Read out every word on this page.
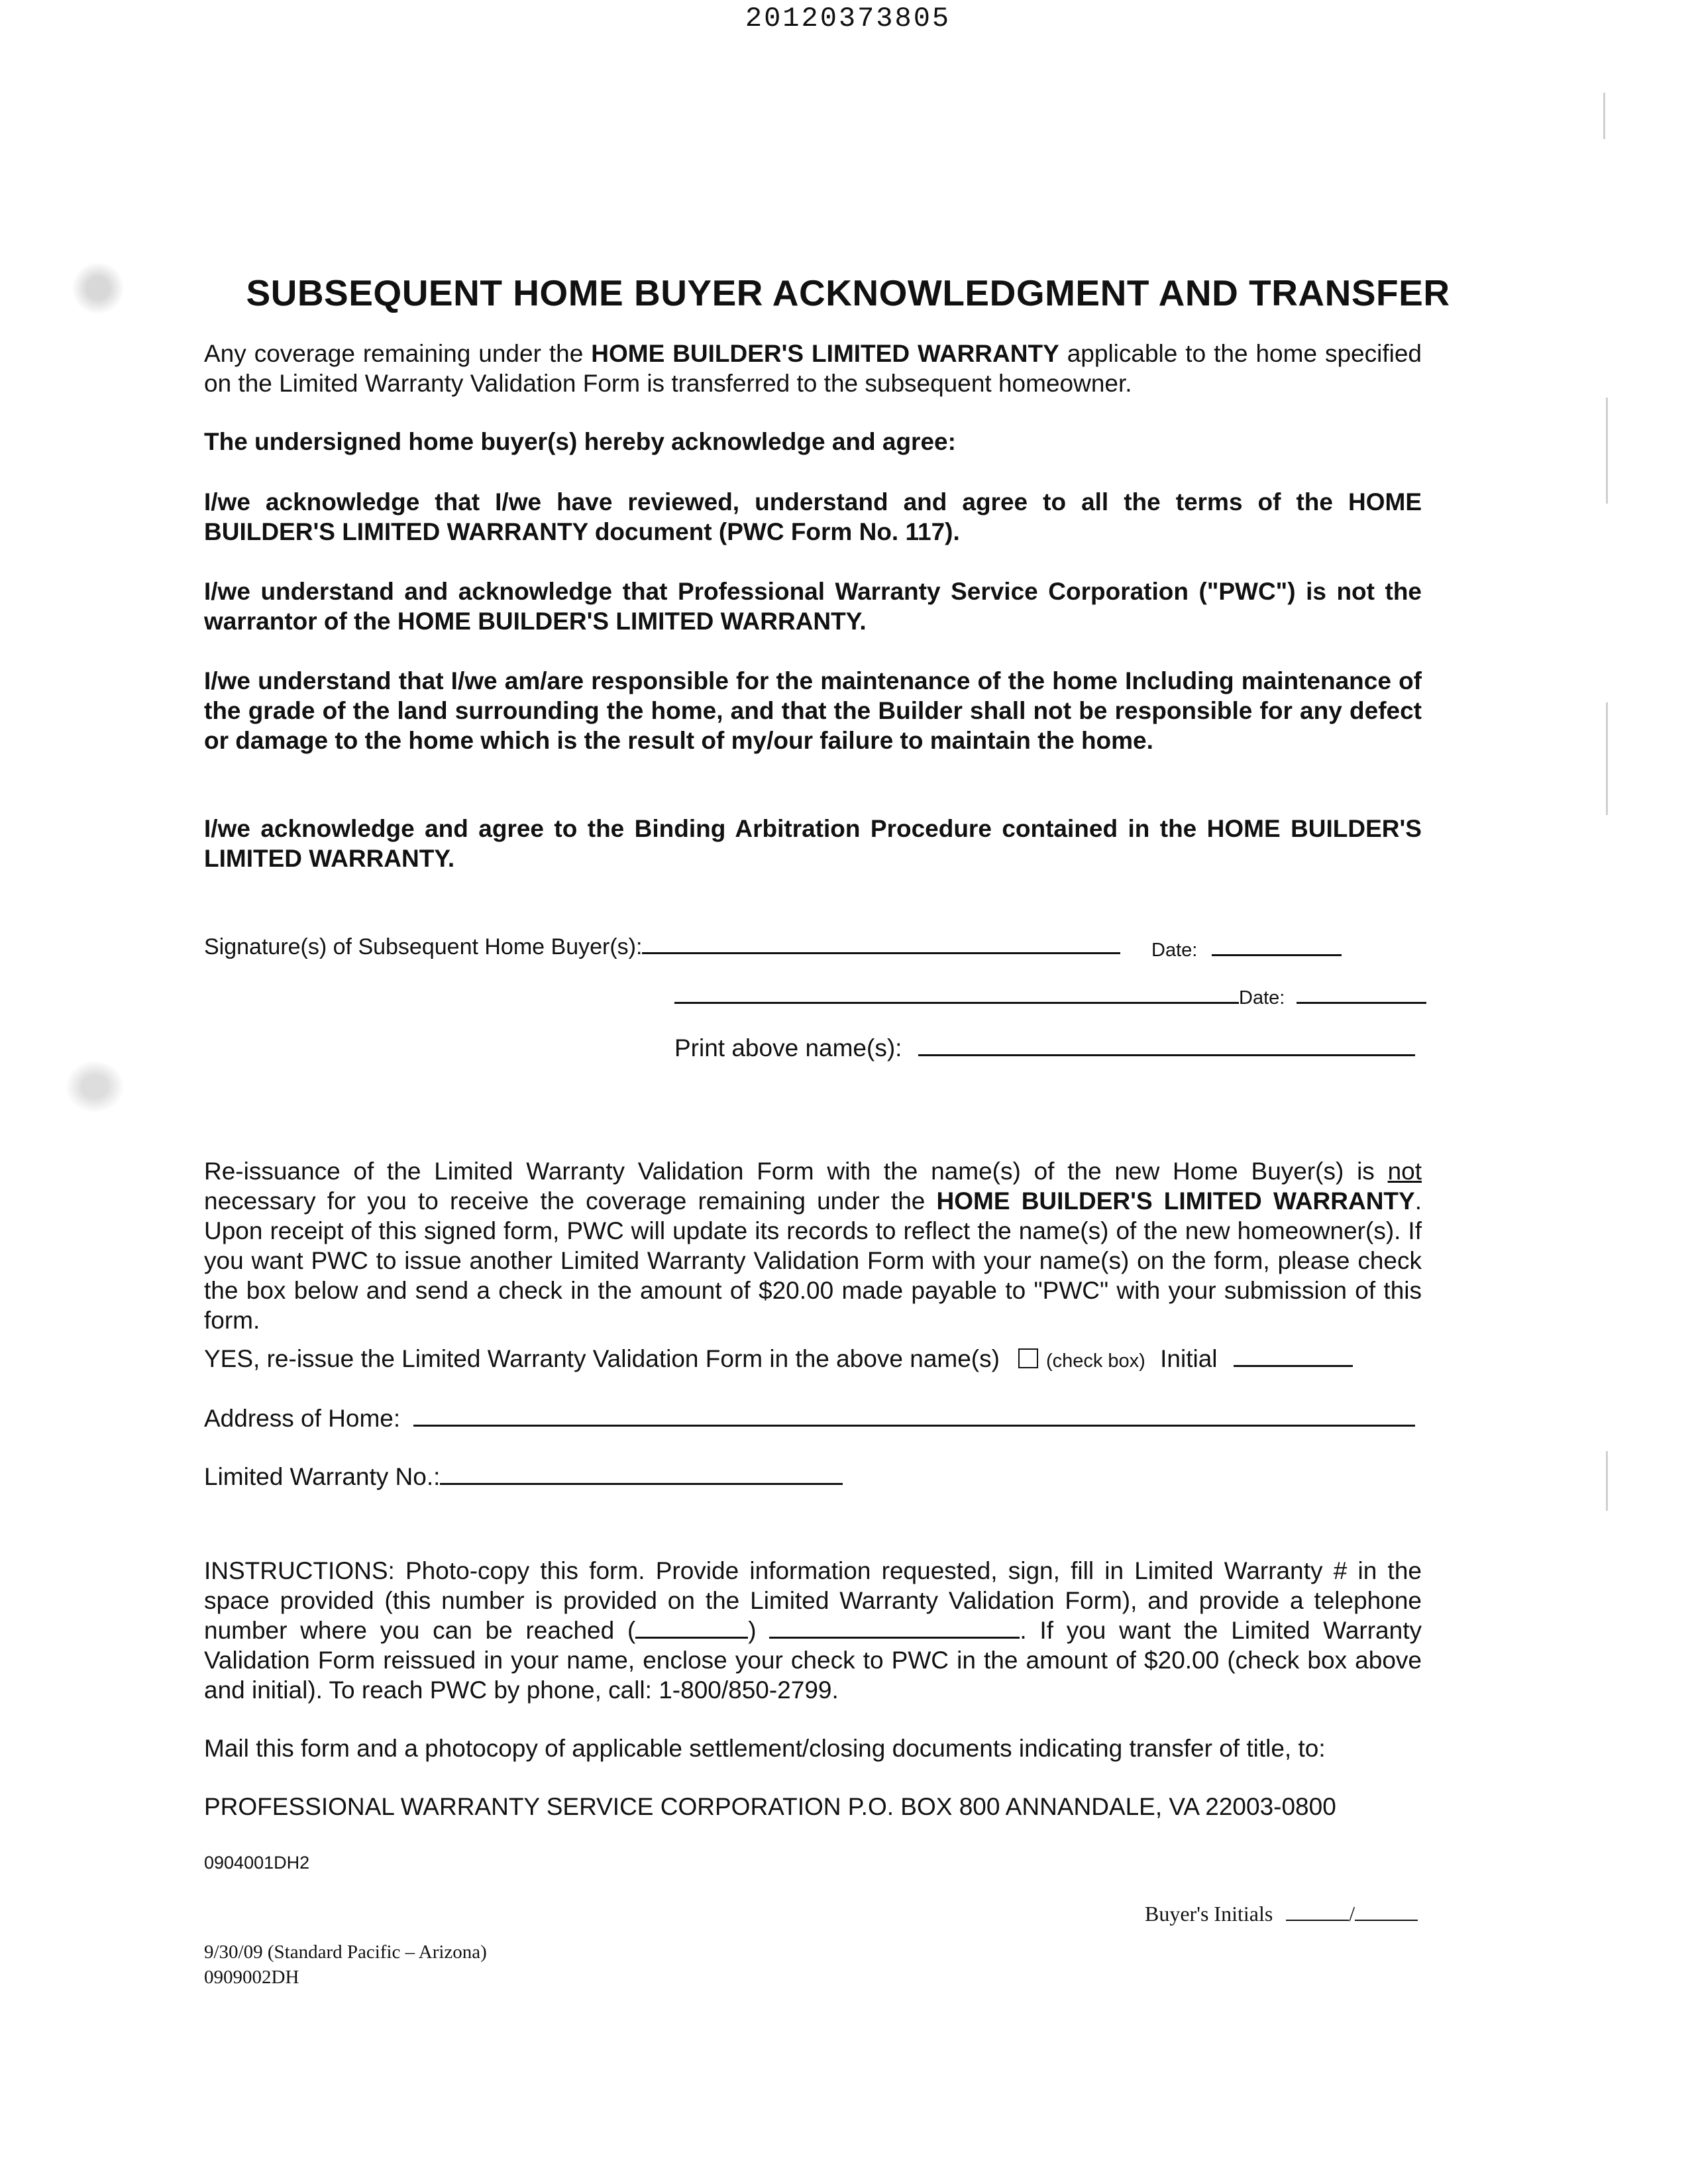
20120373805
SUBSEQUENT HOME BUYER ACKNOWLEDGMENT AND TRANSFER
Any coverage remaining under the HOME BUILDER'S LIMITED WARRANTY applicable to the home specified on the Limited Warranty Validation Form is transferred to the subsequent homeowner.
The undersigned home buyer(s) hereby acknowledge and agree:
I/we acknowledge that I/we have reviewed, understand and agree to all the terms of the HOME BUILDER'S LIMITED WARRANTY document (PWC Form No. 117).
I/we understand and acknowledge that Professional Warranty Service Corporation ("PWC") is not the warrantor of the HOME BUILDER'S LIMITED WARRANTY.
I/we understand that I/we am/are responsible for the maintenance of the home Including maintenance of the grade of the land surrounding the home, and that the Builder shall not be responsible for any defect or damage to the home which is the result of my/our failure to maintain the home.
I/we acknowledge and agree to the Binding Arbitration Procedure contained in the HOME BUILDER'S LIMITED WARRANTY.
Signature(s) of Subsequent Home Buyer(s):	Date:
Date:
Print above name(s):
Re-issuance of the Limited Warranty Validation Form with the name(s) of the new Home Buyer(s) is not necessary for you to receive the coverage remaining under the HOME BUILDER'S LIMITED WARRANTY. Upon receipt of this signed form, PWC will update its records to reflect the name(s) of the new homeowner(s). If you want PWC to issue another Limited Warranty Validation Form with your name(s) on the form, please check the box below and send a check in the amount of $20.00 made payable to "PWC" with your submission of this form.
YES, re-issue the Limited Warranty Validation Form in the above name(s) (check box) Initial
Address of Home:
Limited Warranty No.:
INSTRUCTIONS: Photo-copy this form. Provide information requested, sign, fill in Limited Warranty # in the space provided (this number is provided on the Limited Warranty Validation Form), and provide a telephone number where you can be reached (	)	. If you want the Limited Warranty Validation Form reissued in your name, enclose your check to PWC in the amount of $20.00 (check box above and initial). To reach PWC by phone, call: 1-800/850-2799.
Mail this form and a photocopy of applicable settlement/closing documents indicating transfer of title, to:
PROFESSIONAL WARRANTY SERVICE CORPORATION P.O. BOX 800 ANNANDALE, VA 22003-0800
0904001DH2
Buyer's Initials	/
9/30/09 (Standard Pacific – Arizona)
0909002DH
